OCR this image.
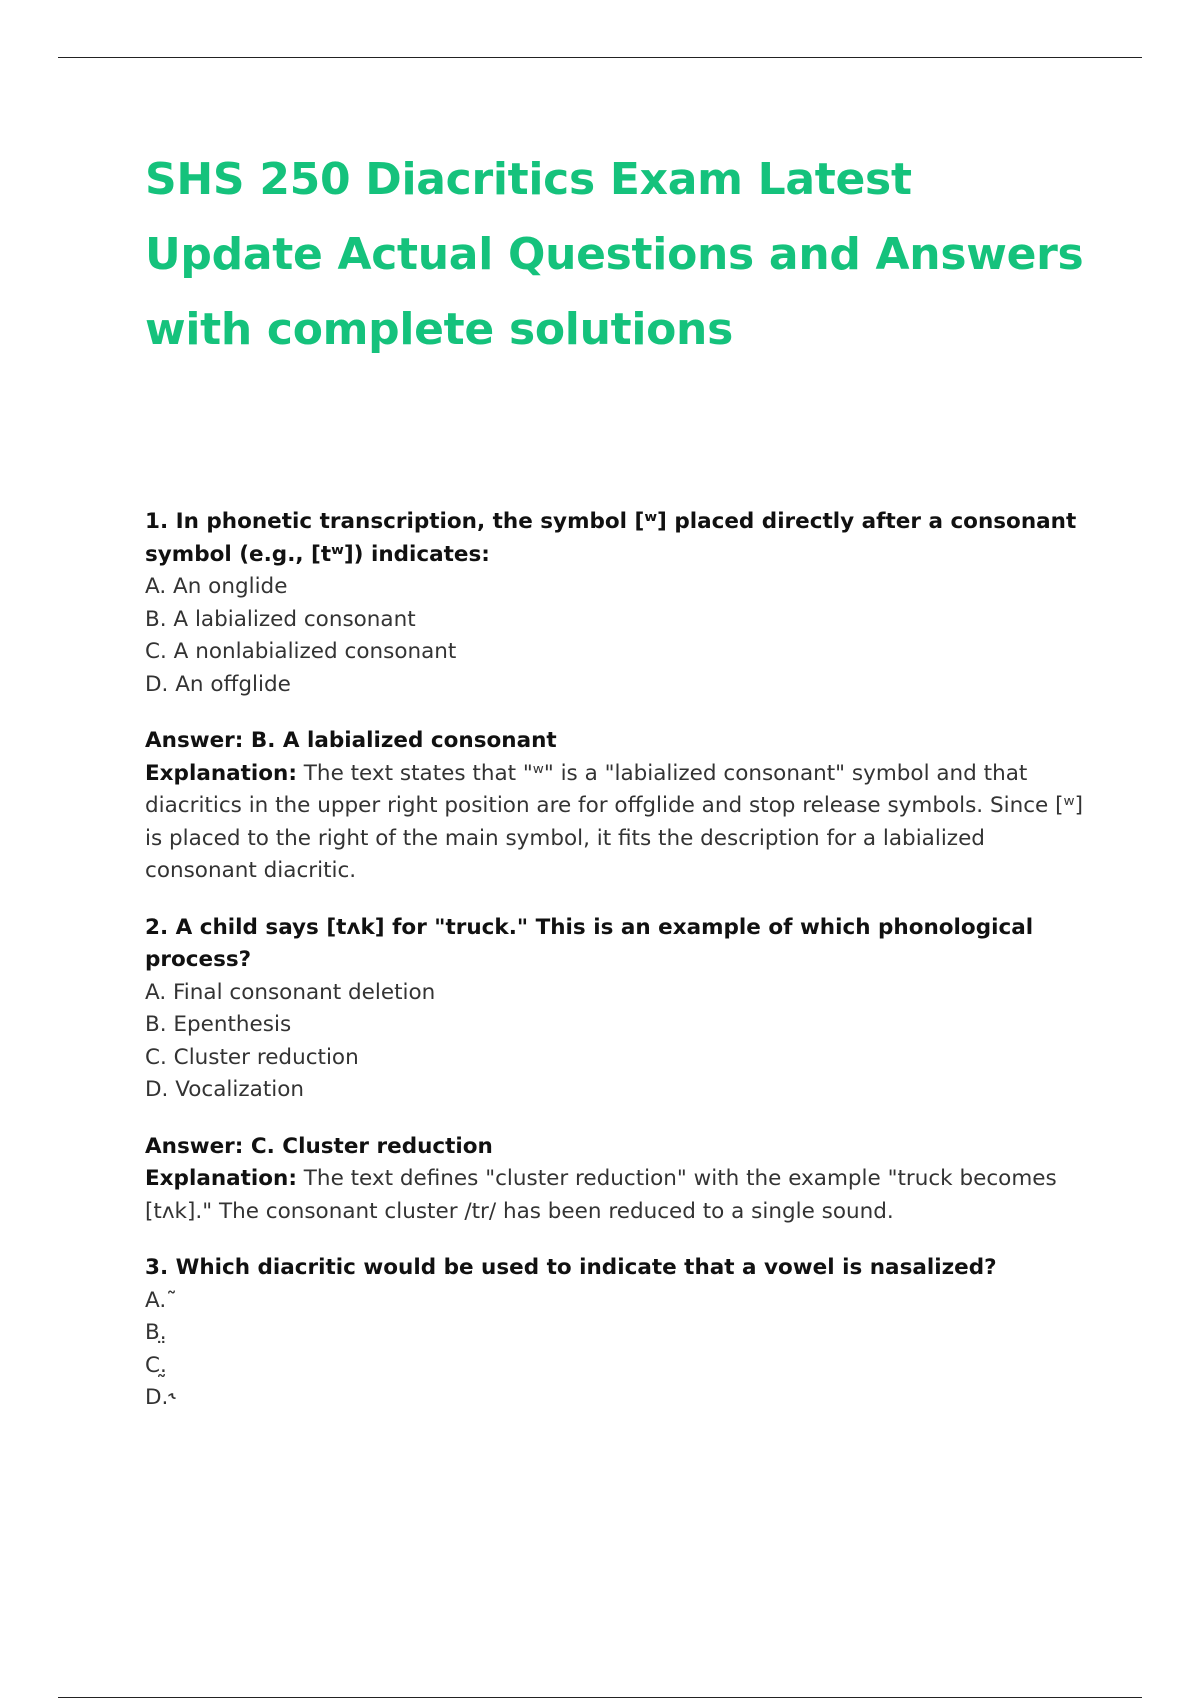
SHS 250 Diacritics Exam Latest Update Actual Questions and Answers with complete solutions

1. In phonetic transcription, the symbol [ʷ] placed directly after a consonant symbol (e.g., [tʷ]) indicates:

A. An onglide

B. A labialized consonant

C. A nonlabialized consonant

D. An offglide

Answer: B. A labialized consonant

Explanation: The text states that "ʷ" is a "labialized consonant" symbol and that diacritics in the upper right position are for offglide and stop release symbols. Since [ʷ] is placed to the right of the main symbol, it fits the description for a labialized consonant diacritic.

2. A child says [tʌk] for "truck." This is an example of which phonological process?

A. Final consonant deletion

B. Epenthesis

C. Cluster reduction

D. Vocalization

Answer: C. Cluster reduction

Explanation: The text defines "cluster reduction" with the example "truck becomes [tʌk]." The consonant cluster /tr/ has been reduced to a single sound.

3. Which diacritic would be used to indicate that a vowel is nasalized?

A.˜

B.̤

C.̰

D.˞
